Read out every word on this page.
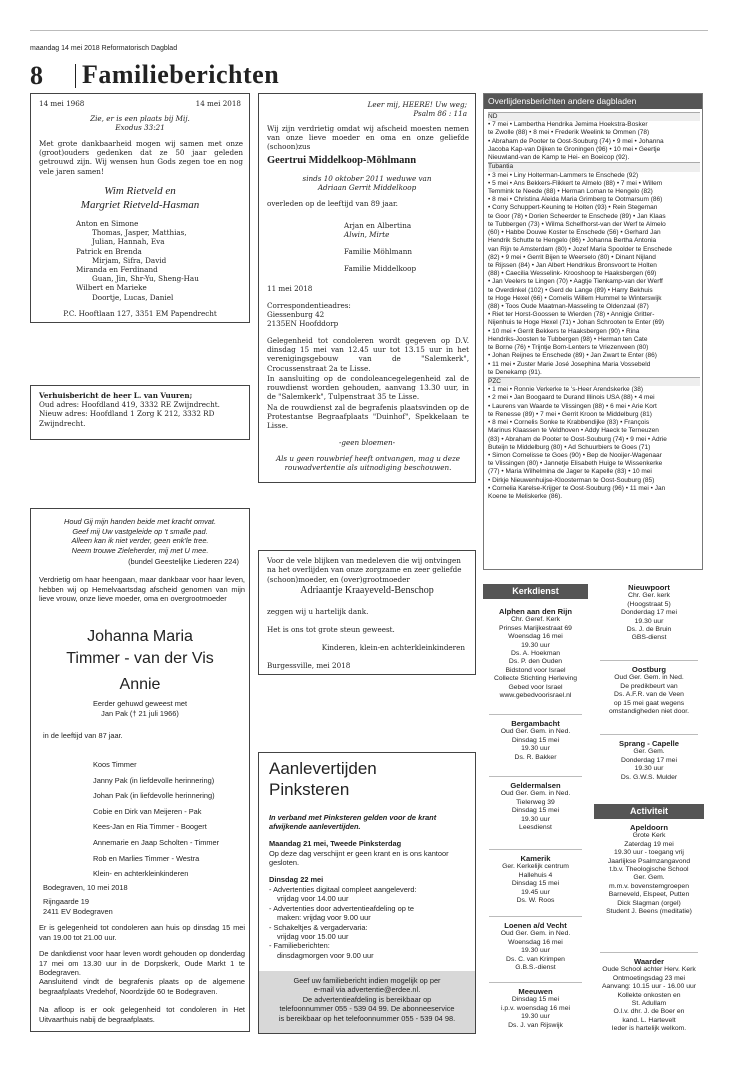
maandag 14 mei 2018 Reformatorisch Dagblad
8 Familieberichten
14 mei 1968	14 mei 2018
Zie, er is een plaats bij Mij.
Exodus 33:21
Met grote dankbaarheid mogen wij samen met onze (groot)ouders gedenken dat ze 50 jaar geleden getrouwd zijn. Wij wensen hun Gods zegen toe en nog vele jaren samen!
Wim Rietveld en
Margriet Rietveld-Hasman
Anton en Simone
Thomas, Jasper, Matthias,
Julian, Hannah, Eva
Patrick en Brenda
Mirjam, Sifra, David
Miranda en Ferdinand
Guan, Jin, Shr-Yu, Sheng-Hau
Wilbert en Marieke
Doortje, Lucas, Daniel
P.C. Hooftlaan 127, 3351 EM Papendrecht
Verhuisbericht de heer L. van Vuuren;
Oud adres: Hoofdland 419, 3332 RE Zwijndrecht.
Nieuw adres: Hoofdland 1 Zorg K 212, 3332 RD
Zwijndrecht.
Houd Gij mijn handen beide met kracht omvat.
Geef mij Uw vastgeleide op 't smalle pad.
Alleen kan ik niet verder, geen enk'le tree.
Neem trouwe Zieleherder, mij met U mee.
(bundel Geestelijke Liederen 224)
Verdrietig om haar heengaan, maar dankbaar voor haar leven, hebben wij op Hemelvaartsdag afscheid genomen van mijn lieve vrouw, onze lieve moeder, oma en overgrootmoeder
Johanna Maria
Timmer - van der Vis
Annie
Eerder gehuwd geweest met
Jan Pak († 21 juli 1966)
in de leeftijd van 87 jaar.
Koos Timmer
Janny Pak (in liefdevolle herinnering)
Johan Pak (in liefdevolle herinnering)
Cobie en Dirk van Meijeren - Pak
Kees-Jan en Ria Timmer - Boogert
Annemarie en Jaap Scholten - Timmer
Rob en Marlies Timmer - Westra
Klein- en achterkleinkinderen
Bodegraven, 10 mei 2018
Rijngaarde 19
2411 EV Bodegraven
Er is gelegenheid tot condoleren aan huis op dinsdag 15 mei van 19.00 tot 21.00 uur.
De dankdienst voor haar leven wordt gehouden op donderdag 17 mei om 13.30 uur in de Dorpskerk, Oude Markt 1 te Bodegraven.
Aansluitend vindt de begrafenis plaats op de algemene begraafplaats Vredehof, Noordzijde 60 te Bodegraven.
Na afloop is er ook gelegenheid tot condoleren in Het Uitvaarthuis nabij de begraafplaats.
Leer mij, HEERE! Uw weg;
Psalm 86 : 11a
Wij zijn verdrietig omdat wij afscheid moesten nemen van onze lieve moeder en oma en onze geliefde (schoon)zus
Geertrui Middelkoop-Möhlmann
sinds 10 oktober 2011 weduwe van
Adriaan Gerrit Middelkoop
overleden op de leeftijd van 89 jaar.
Arjan en Albertina
Alwin, Mirte
Familie Möhlmann
Familie Middelkoop
11 mei 2018
Correspondentieadres:
Giessenburg 42
2135EN Hoofddorp
Gelegenheid tot condoleren wordt gegeven op D.V. dinsdag 15 mei van 12.45 uur tot 13.15 uur in het verenigingsgebouw van de "Salemkerk", Crocussenstraat 2a te Lisse.
In aansluiting op de condoleancegelegenheid zal de rouwdienst worden gehouden, aanvang 13.30 uur, in de "Salemkerk", Tulpenstraat 35 te Lisse.
Na de rouwdienst zal de begrafenis plaatsvinden op de Protestantse Begraafplaats "Duinhof", Spekkelaan te Lisse.
-geen bloemen-
Als u geen rouwbrief heeft ontvangen, mag u deze rouwadvertentie als uitnodiging beschouwen.
Voor de vele blijken van medeleven die wij ontvingen na het overlijden van onze zorgzame en zeer geliefde (schoon)moeder, en (over)grootmoeder
Adriaantje Kraayeveld-Benschop
zeggen wij u hartelijk dank.
Het is ons tot grote steun geweest.
Kinderen, klein-en achterkleinkinderen
Burgessville, mei 2018
Aanlevertijden
Pinksteren
In verband met Pinksteren gelden voor de krant afwijkende aanlevertijden.
Maandag 21 mei, Tweede Pinksterdag
Op deze dag verschijnt er geen krant en is ons kantoor gesloten.
Dinsdag 22 mei
- Advertenties digitaal compleet aangeleverd:
vrijdag voor 14.00 uur
- Advertenties door advertentieafdeling op te
maken: vrijdag voor 9.00 uur
- Schakeltjes & vergadervaria:
vrijdag voor 15.00 uur
- Familieberichten:
dinsdagmorgen voor 9.00 uur
Geef uw familiebericht indien mogelijk op per
e-mail via advertentie@erdee.nl.
De advertentieafdeling is bereikbaar op
telefoonnummer 055 - 539 04 99. De abonneeservice
is bereikbaar op het telefoonnummer 055 - 539 04 98.
Overlijdensberichten andere dagbladen
ND
• 7 mei • Lambertha Hendrika Jemima Hoekstra-Bosker
te Zwolle (88) • 8 mei • Frederik Weelink te Ommen (78)
• Abraham de Pooter te Oost-Souburg (74) • 9 mei • Johanna
Jacoba Kap-van Dijken te Groningen (96) • 10 mei • Geertje
Nieuwland-van de Kamp te Hei- en Boeicop (92).
Tubantia
• 3 mei • Liny Holterman-Lammers te Enschede (92)
• 5 mei • Ans Bekkers-Flikkert te Almelo (88) • 7 mei • Willem
Temmink te Neede (88) • Herman Loman te Hengelo (82)
• 8 mei • Christina Aleida Maria Grimberg te Ootmarsum (86)
• Corry Schuppert-Keuning te Holten (93) • Rein Stegeman
te Goor (78) • Dorien Scheerder te Enschede (89) • Jan Klaas
te Tubbergen (73) • Wilma Schelfhorst-van der Werf te Almelo
(60) • Habbe Douwe Koster te Enschede (56) • Gerhard Jan
Hendrik Schutte te Hengelo (86) • Johanna Bertha Antonia
van Rijn te Amsterdam (80) • Jozef Maria Spoolder te Enschede
(82) • 9 mei • Gerrit Bijen te Weerselo (80) • Dinant Nijland
te Rijssen (84) • Jan Albert Hendrikus Bronsvoort te Holten
(88) • Caecilia Wesselink- Krooshoop te Haaksbergen (69)
• Jan Veelers te Lingen (70) • Aagtje Tienkamp-van der Werff
te Overdinkel (102) • Gerd de Lange (89) • Harry Bekhuis
te Hoge Hexel (66) • Cornelis Willem Hummel te Winterswijk
(88) • Toos Oude Maatman-Masseling te Oldenzaal (87)
• Riet ter Horst-Goossen te Wierden (78) • Annigje Gritter-
Nijenhuis te Hoge Hexel (71) • Johan Schrooten te Enter (69)
• 10 mei • Gerrit Bekkers te Haaksbergen (90) • Rina
Hendriks-Joosten te Tubbergen (98) • Herman ten Cate
te Borne (76) • Trijntje Bom-Lenters te Vriezenveen (80)
• Johan Reijnes te Enschede (89) • Jan Zwart te Enter (86)
• 11 mei • Zuster Marie José Josephina Maria Vossebeld
te Denekamp (91).
PZC
• 1 mei • Ronnie Verkerke te 's-Heer Arendskerke (38)
• 2 mei • Jan Boogaard te Durand Illinois USA (88) • 4 mei
• Laurens van Waarde te Vlissingen (88) • 6 mei • Arie Kort
te Renesse (89) • 7 mei • Gerrit Kroon te Middelburg (81)
• 8 mei • Cornelis Sonke te Krabbendijke (83) • François
Marinus Klaassen te Veldhoven • Addy Haeck te Terneuzen
(83) • Abraham de Pooter te Oost-Souburg (74) • 9 mei • Adrie
Buteijn te Middelburg (80) • Ad Schuurbiers te Goes (71)
• Simon Cornelisse te Goes (90) • Bep de Nooijer-Wagenaar
te Vlissingen (80) • Jannetje Elisabeth Huige te Wissenkerke
(77) • Maria Wilhelmina de Jager te Kapelle (83) • 10 mei
• Dirkje Nieuwenhuijse-Kloosterman te Oost-Souburg (85)
• Cornelia Karelse-Krijger te Oost-Souburg (96) • 11 mei • Jan
Koene te Meliskerke (86).
Kerkdienst
Alphen aan den Rijn
Chr. Geref. Kerk
Prinses Marijkestraat 69
Woensdag 16 mei
19.30 uur
Ds. A. Hoekman
Ds. P. den Ouden
Bidstond voor Israel
Collecte Stichting Herleving
Gebed voor Israel
www.gebedvoorisrael.nl
Bergambacht
Oud Ger. Gem. in Ned.
Dinsdag 15 mei
19.30 uur
Ds. R. Bakker
Geldermalsen
Oud Ger. Gem. in Ned.
Tielerweg 39
Dinsdag 15 mei
19.30 uur
Leesdienst
Kamerik
Ger. Kerkelijk centrum
Hallehuis 4
Dinsdag 15 mei
19.45 uur
Ds. W. Roos
Loenen a/d Vecht
Oud Ger. Gem. in Ned.
Woensdag 16 mei
19.30 uur
Ds. C. van Krimpen
G.B.S.-dienst
Meeuwen
Dinsdag 15 mei
i.p.v. woensdag 16 mei
19.30 uur
Ds. J. van Rijswijk
Nieuwpoort
Chr. Ger. kerk
(Hoogstraat 5)
Donderdag 17 mei
19.30 uur
Ds. J. de Bruin
GBS-dienst
Oostburg
Oud Ger. Gem. in Ned.
De predikbeurt van
Ds. A.F.R. van de Veen
op 15 mei gaat wegens
omstandigheden niet door.
Sprang - Capelle
Ger. Gem.
Donderdag 17 mei
19.30 uur
Ds. G.W.S. Mulder
Activiteit
Apeldoorn
Grote Kerk
Zaterdag 19 mei
19.30 uur - toegang vrij
Jaarlijkse Psalmzangavond
t.b.v. Theologische School
Ger. Gem.
m.m.v. bovenstemgroepen
Barneveld, Elspeet, Putten
Dick Slagman (orgel)
Student J. Beens (meditatie)
Waarder
Oude School achter Herv. Kerk
Ontmoetingsdag 23 mei
Aanvang: 10.15 uur - 16.00 uur
Kollekte onkosten en
St. Adullam
O.l.v. dhr. J. de Boer en
kand. L. Hartevelt
Ieder is hartelijk welkom.
